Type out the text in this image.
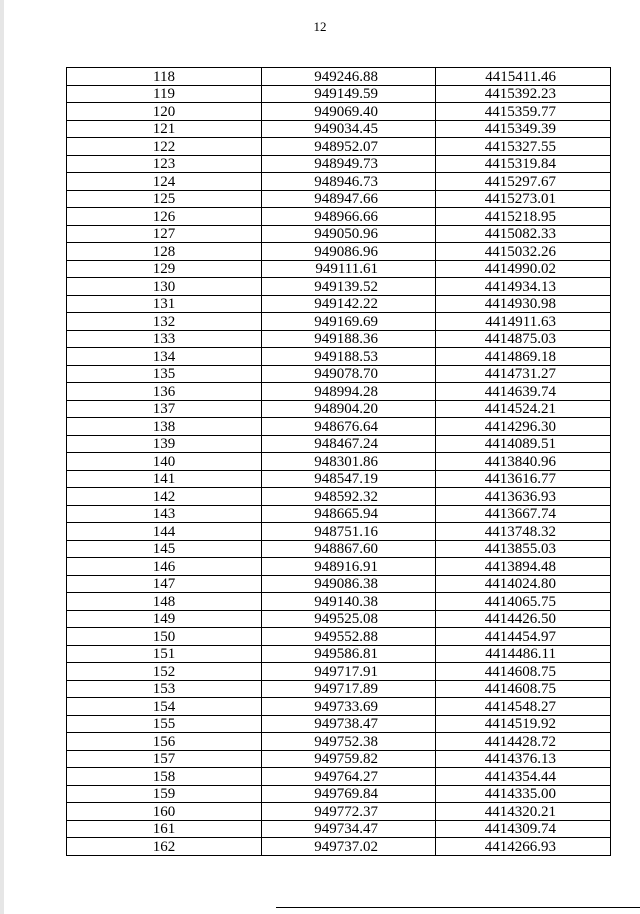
12
118	949246.88	4415411.46
119	949149.59	4415392.23
120	949069.40	4415359.77
121	949034.45	4415349.39
122	948952.07	4415327.55
123	948949.73	4415319.84
124	948946.73	4415297.67
125	948947.66	4415273.01
126	948966.66	4415218.95
127	949050.96	4415082.33
128	949086.96	4415032.26
129	949111.61	4414990.02
130	949139.52	4414934.13
131	949142.22	4414930.98
132	949169.69	4414911.63
133	949188.36	4414875.03
134	949188.53	4414869.18
135	949078.70	4414731.27
136	948994.28	4414639.74
137	948904.20	4414524.21
138	948676.64	4414296.30
139	948467.24	4414089.51
140	948301.86	4413840.96
141	948547.19	4413616.77
142	948592.32	4413636.93
143	948665.94	4413667.74
144	948751.16	4413748.32
145	948867.60	4413855.03
146	948916.91	4413894.48
147	949086.38	4414024.80
148	949140.38	4414065.75
149	949525.08	4414426.50
150	949552.88	4414454.97
151	949586.81	4414486.11
152	949717.91	4414608.75
153	949717.89	4414608.75
154	949733.69	4414548.27
155	949738.47	4414519.92
156	949752.38	4414428.72
157	949759.82	4414376.13
158	949764.27	4414354.44
159	949769.84	4414335.00
160	949772.37	4414320.21
161	949734.47	4414309.74
162	949737.02	4414266.93
